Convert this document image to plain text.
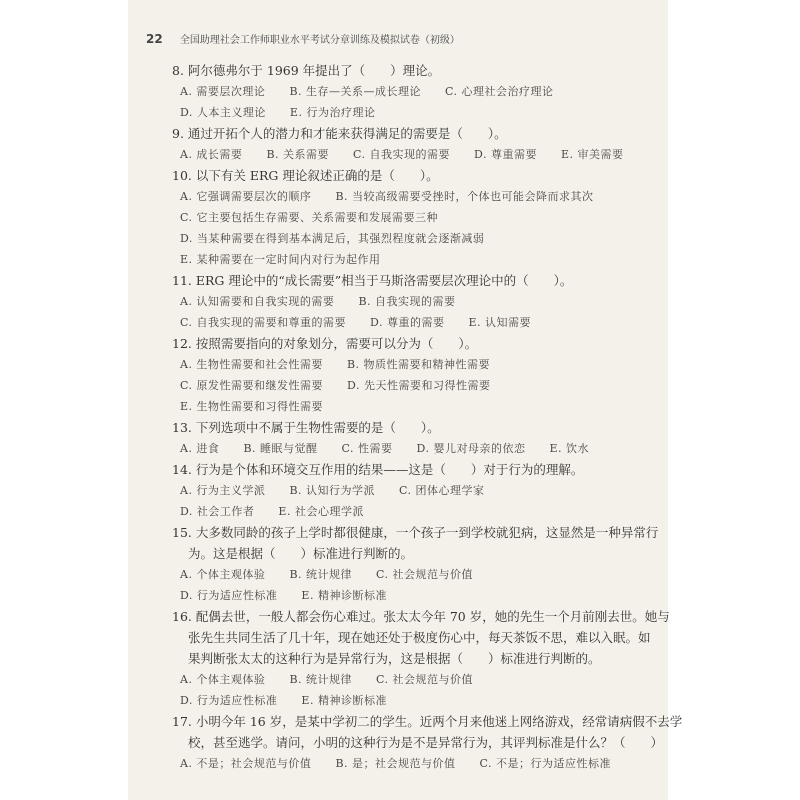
22 全国助理社会工作师职业水平考试分章训练及模拟试卷（初级）
8. 阿尔德弗尔于 1969 年提出了（　　）理论。
A. 需要层次理论 B. 生存—关系—成长理论 C. 心理社会治疗理论
D. 人本主义理论 E. 行为治疗理论
9. 通过开拓个人的潜力和才能来获得满足的需要是（　　）。
A. 成长需要 B. 关系需要 C. 自我实现的需要 D. 尊重需要 E. 审美需要
10. 以下有关 ERG 理论叙述正确的是（　　）。
A. 它强调需要层次的顺序 B. 当较高级需要受挫时，个体也可能会降而求其次
C. 它主要包括生存需要、关系需要和发展需要三种
D. 当某种需要在得到基本满足后，其强烈程度就会逐渐减弱
E. 某种需要在一定时间内对行为起作用
11. ERG 理论中的“成长需要”相当于马斯洛需要层次理论中的（　　）。
A. 认知需要和自我实现的需要 B. 自我实现的需要
C. 自我实现的需要和尊重的需要 D. 尊重的需要 E. 认知需要
12. 按照需要指向的对象划分，需要可以分为（　　）。
A. 生物性需要和社会性需要 B. 物质性需要和精神性需要
C. 原发性需要和继发性需要 D. 先天性需要和习得性需要
E. 生物性需要和习得性需要
13. 下列选项中不属于生物性需要的是（　　）。
A. 进食 B. 睡眠与觉醒 C. 性需要 D. 婴儿对母亲的依恋 E. 饮水
14. 行为是个体和环境交互作用的结果——这是（　　）对于行为的理解。
A. 行为主义学派 B. 认知行为学派 C. 团体心理学家
D. 社会工作者 E. 社会心理学派
15. 大多数同龄的孩子上学时都很健康，一个孩子一到学校就犯病，这显然是一种异常行
为。这是根据（　　）标准进行判断的。
A. 个体主观体验 B. 统计规律 C. 社会规范与价值
D. 行为适应性标准 E. 精神诊断标准
16. 配偶去世，一般人都会伤心难过。张太太今年 70 岁，她的先生一个月前刚去世。她与
张先生共同生活了几十年，现在她还处于极度伤心中，每天茶饭不思，难以入眠。如
果判断张太太的这种行为是异常行为，这是根据（　　）标准进行判断的。
A. 个体主观体验 B. 统计规律 C. 社会规范与价值
D. 行为适应性标准 E. 精神诊断标准
17. 小明今年 16 岁，是某中学初二的学生。近两个月来他迷上网络游戏，经常请病假不去学
校，甚至逃学。请问，小明的这种行为是不是异常行为，其评判标准是什么？（　　）
A. 不是；社会规范与价值 B. 是；社会规范与价值 C. 不是；行为适应性标准
